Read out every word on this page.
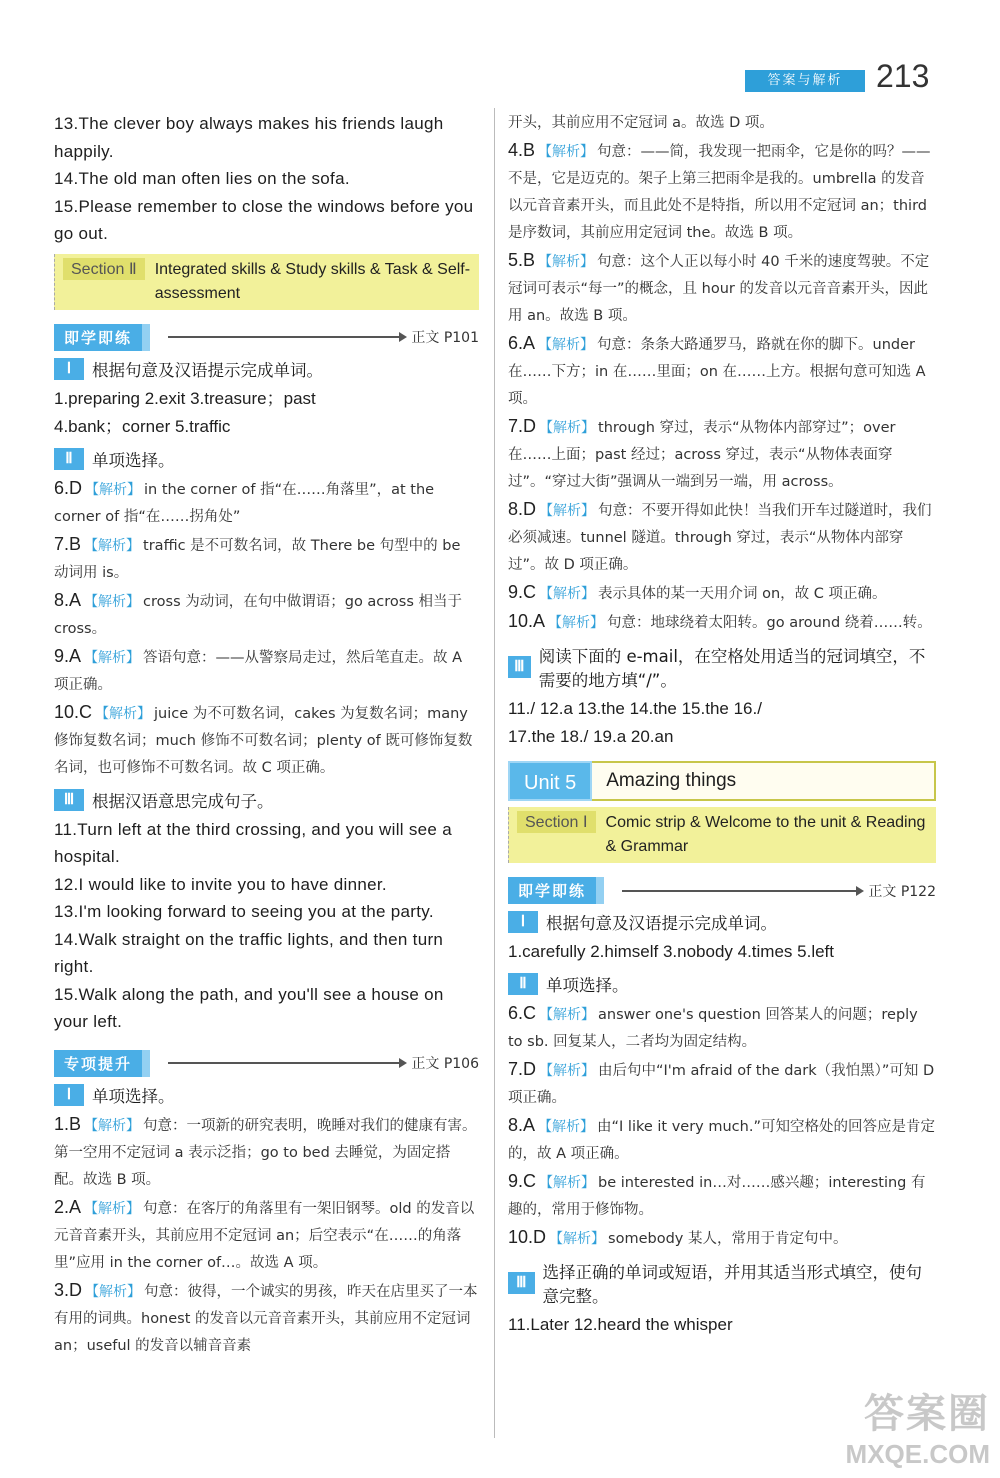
答案与解析	213
13.The clever boy always makes his friends laugh happily.
14.The old man often lies on the sofa.
15.Please remember to close the windows before you go out.
Section Ⅱ	Integrated skills & Study skills & Task & Self-assessment
即学即练	正文 P101
Ⅰ	根据句意及汉语提示完成单词。
1.preparing 2.exit 3.treasure；past
4.bank；corner 5.traffic
Ⅱ	单项选择。
6.D 【解析】 in the corner of 指“在……角落里”，at the corner of 指“在……拐角处”
7.B 【解析】 traffic 是不可数名词，故 There be 句型中的 be 动词用 is。
8.A 【解析】 cross 为动词，在句中做谓语；go across 相当于 cross。
9.A 【解析】 答语句意：——从警察局走过，然后笔直走。故 A 项正确。
10.C 【解析】 juice 为不可数名词，cakes 为复数名词；many 修饰复数名词；much 修饰不可数名词；plenty of 既可修饰复数名词，也可修饰不可数名词。故 C 项正确。
Ⅲ	根据汉语意思完成句子。
11.Turn left at the third crossing, and you will see a hospital.
12.I would like to invite you to have dinner.
13.I'm looking forward to seeing you at the party.
14.Walk straight on the traffic lights, and then turn right.
15.Walk along the path, and you'll see a house on your left.
专项提升	正文 P106
Ⅰ	单项选择。
1.B 【解析】 句意：一项新的研究表明，晚睡对我们的健康有害。第一空用不定冠词 a 表示泛指；go to bed 去睡觉，为固定搭配。故选 B 项。
2.A 【解析】 句意：在客厅的角落里有一架旧钢琴。old 的发音以元音音素开头，其前应用不定冠词 an；后空表示“在……的角落里”应用 in the corner of…。故选 A 项。
3.D 【解析】 句意：彼得，一个诚实的男孩，昨天在店里买了一本有用的词典。honest 的发音以元音音素开头，其前应用不定冠词 an；useful 的发音以辅音音素
开头，其前应用不定冠词 a。故选 D 项。
4.B 【解析】 句意：——简，我发现一把雨伞，它是你的吗？——不是，它是迈克的。架子上第三把雨伞是我的。umbrella 的发音以元音音素开头，而且此处不是特指，所以用不定冠词 an；third 是序数词，其前应用定冠词 the。故选 B 项。
5.B 【解析】 句意：这个人正以每小时 40 千米的速度驾驶。不定冠词可表示“每一”的概念，且 hour 的发音以元音音素开头，因此用 an。故选 B 项。
6.A 【解析】 句意：条条大路通罗马，路就在你的脚下。under 在……下方；in 在……里面；on 在……上方。根据句意可知选 A 项。
7.D 【解析】 through 穿过，表示“从物体内部穿过”；over 在……上面；past 经过；across 穿过，表示“从物体表面穿过”。“穿过大街”强调从一端到另一端，用 across。
8.D 【解析】 句意：不要开得如此快！当我们开车过隧道时，我们必须减速。tunnel 隧道。through 穿过，表示“从物体内部穿过”。故 D 项正确。
9.C 【解析】 表示具体的某一天用介词 on，故 C 项正确。
10.A 【解析】 句意：地球绕着太阳转。go around 绕着……转。
Ⅲ
阅读下面的 e-mail，在空格处用适当的冠词填空，不需要的地方填“/”。
11./ 12.a 13.the 14.the 15.the 16./
17.the 18./ 19.a 20.an
Unit 5	Amazing things
Section Ⅰ	Comic strip & Welcome to the unit & Reading & Grammar
即学即练	正文 P122
Ⅰ	根据句意及汉语提示完成单词。
1.carefully 2.himself 3.nobody 4.times 5.left
Ⅱ	单项选择。
6.C 【解析】 answer one's question 回答某人的问题；reply to sb. 回复某人，二者均为固定结构。
7.D 【解析】 由后句中“I'm afraid of the dark（我怕黑）”可知 D 项正确。
8.A 【解析】 由“I like it very much.”可知空格处的回答应是肯定的，故 A 项正确。
9.C 【解析】 be interested in…对……感兴趣；interesting 有趣的，常用于修饰物。
10.D 【解析】 somebody 某人，常用于肯定句中。
Ⅲ
选择正确的单词或短语，并用其适当形式填空，使句意完整。
11.Later 12.heard the whisper
答案圈
MXQE.COM
